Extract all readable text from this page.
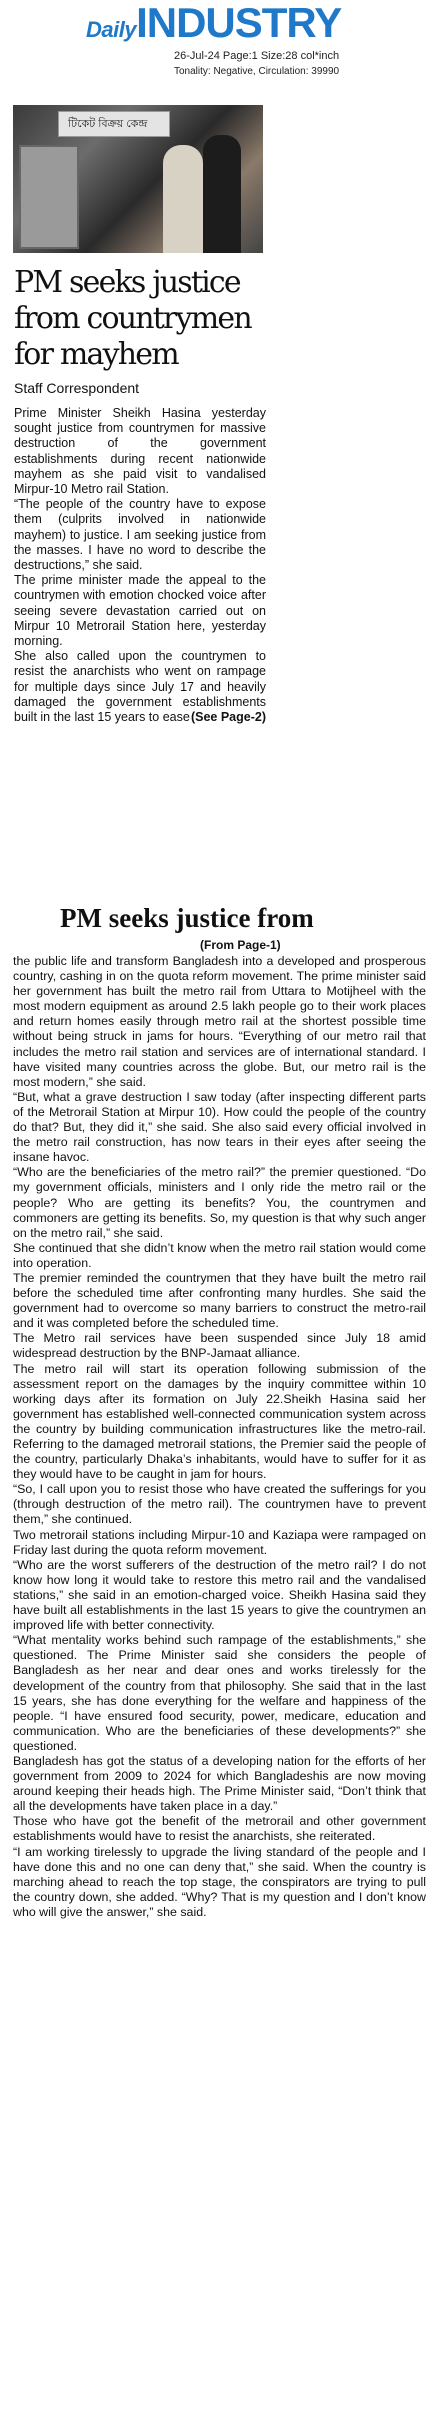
DailyINDUSTRY
26-Jul-24 Page:1 Size:28 col*inch
Tonality: Negative, Circulation: 39990
টিকেট বিক্রয় কেন্দ্র
PM seeks justice from countrymen for mayhem
Staff Correspondent

Prime Minister Sheikh Hasina yesterday sought justice from countrymen for massive destruction of the government establishments during recent nationwide mayhem as she paid visit to vandalised Mirpur-10 Metro rail Station.

“The people of the country have to expose them (culprits involved in nationwide mayhem) to justice. I am seeking justice from the masses. I have no word to describe the destructions,” she said.

The prime minister made the appeal to the countrymen with emotion chocked voice after seeing severe devastation carried out on Mirpur 10 Metrorail Station here, yesterday morning.

She also called upon the countrymen to resist the anarchists who went on rampage for multiple days since July 17 and heavily damaged the government establishments built in the last 15 years to ease (See Page-2)

PM seeks justice from
(From Page-1)

the public life and transform Bangladesh into a developed and prosperous country, cashing in on the quota reform movement. The prime minister said her government has built the metro rail from Uttara to Motijheel with the most modern equipment as around 2.5 lakh people go to their work places and return homes easily through metro rail at the shortest possible time without being struck in jams for hours. “Everything of our metro rail that includes the metro rail station and services are of international standard. I have visited many countries across the globe. But, our metro rail is the most modern,” she said.

“But, what a grave destruction I saw today (after inspecting different parts of the Metrorail Station at Mirpur 10). How could the people of the country do that? But, they did it,” she said. She also said every official involved in the metro rail construction, has now tears in their eyes after seeing the insane havoc.

“Who are the beneficiaries of the metro rail?” the premier questioned. “Do my government officials, ministers and I only ride the metro rail or the people? Who are getting its benefits? You, the countrymen and commoners are getting its benefits. So, my question is that why such anger on the metro rail,” she said.

She continued that she didn’t know when the metro rail station would come into operation.

The premier reminded the countrymen that they have built the metro rail before the scheduled time after confronting many hurdles. She said the government had to overcome so many barriers to construct the metro-rail and it was completed before the scheduled time.

The Metro rail services have been suspended since July 18 amid widespread destruction by the BNP-Jamaat alliance.

The metro rail will start its operation following submission of the assessment report on the damages by the inquiry committee within 10 working days after its formation on July 22.Sheikh Hasina said her government has established well-connected communication system across the country by building communication infrastructures like the metro-rail. Referring to the damaged metrorail stations, the Premier said the people of the country, particularly Dhaka’s inhabitants, would have to suffer for it as they would have to be caught in jam for hours.

“So, I call upon you to resist those who have created the sufferings for you (through destruction of the metro rail). The countrymen have to prevent them,” she continued.

Two metrorail stations including Mirpur-10 and Kaziapa were rampaged on Friday last during the quota reform movement.

“Who are the worst sufferers of the destruction of the metro rail? I do not know how long it would take to restore this metro rail and the vandalised stations,” she said in an emotion-charged voice. Sheikh Hasina said they have built all establishments in the last 15 years to give the countrymen an improved life with better connectivity.

“What mentality works behind such rampage of the establishments,” she questioned. The Prime Minister said she considers the people of Bangladesh as her near and dear ones and works tirelessly for the development of the country from that philosophy. She said that in the last 15 years, she has done everything for the welfare and happiness of the people. “I have ensured food security, power, medicare, education and communication. Who are the beneficiaries of these developments?” she questioned.

Bangladesh has got the status of a developing nation for the efforts of her government from 2009 to 2024 for which Bangladeshis are now moving around keeping their heads high. The Prime Minister said, “Don’t think that all the developments have taken place in a day.”

Those who have got the benefit of the metrorail and other government establishments would have to resist the anarchists, she reiterated.

“I am working tirelessly to upgrade the living standard of the people and I have done this and no one can deny that,” she said. When the country is marching ahead to reach the top stage, the conspirators are trying to pull the country down, she added. “Why? That is my question and I don’t know who will give the answer,” she said.
